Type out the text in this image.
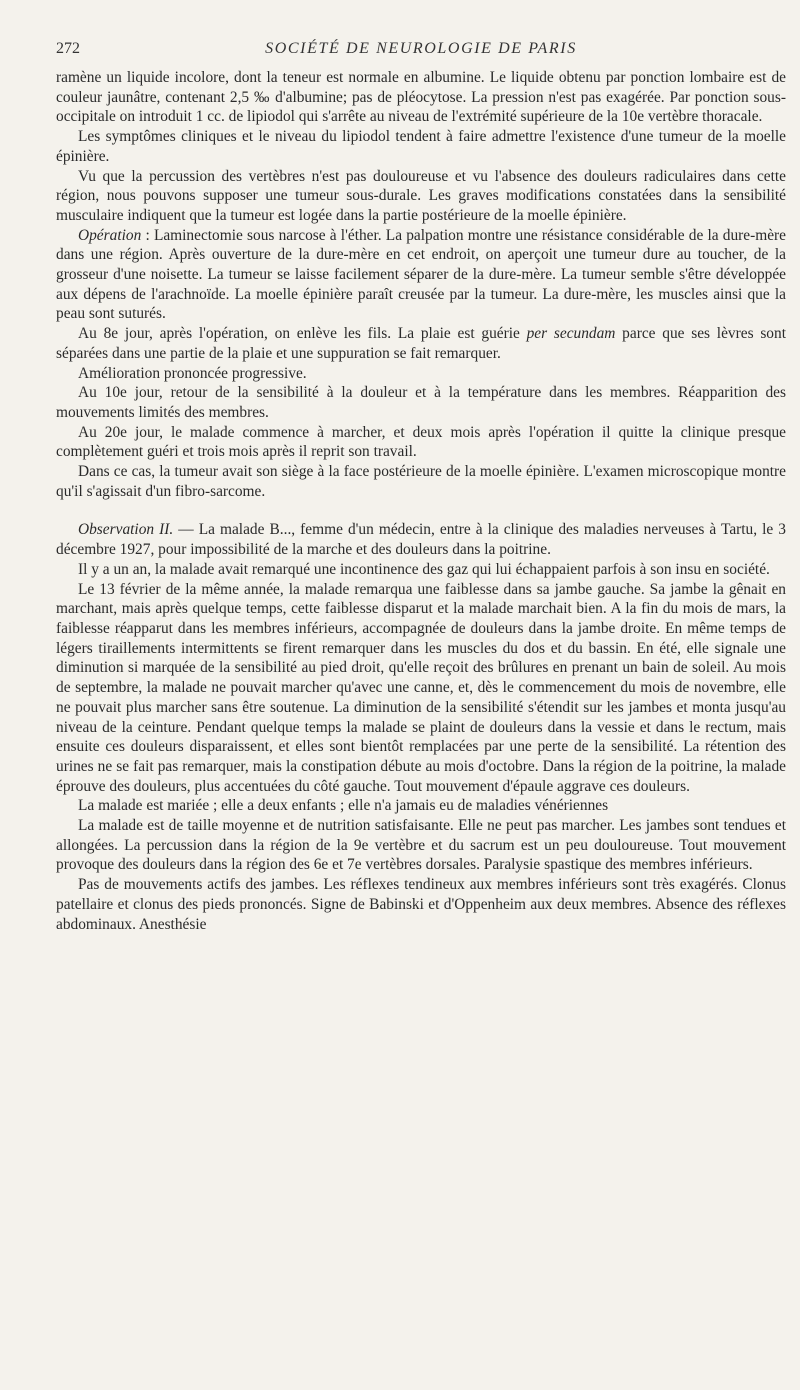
272	SOCIÉTÉ DE NEUROLOGIE DE PARIS

ramène un liquide incolore, dont la teneur est normale en albumine. Le liquide obtenu par ponction lombaire est de couleur jaunâtre, contenant 2,5 ‰ d'albumine; pas de pléocytose. La pression n'est pas exagérée. Par ponction sous-occipitale on introduit 1 cc. de lipiodol qui s'arrête au niveau de l'extrémité supérieure de la 10e vertèbre thoracale.

Les symptômes cliniques et le niveau du lipiodol tendent à faire admettre l'existence d'une tumeur de la moelle épinière.

Vu que la percussion des vertèbres n'est pas douloureuse et vu l'absence des douleurs radiculaires dans cette région, nous pouvons supposer une tumeur sous-durale. Les graves modifications constatées dans la sensibilité musculaire indiquent que la tumeur est logée dans la partie postérieure de la moelle épinière.

Opération : Laminectomie sous narcose à l'éther. La palpation montre une résistance considérable de la dure-mère dans une région. Après ouverture de la dure-mère en cet endroit, on aperçoit une tumeur dure au toucher, de la grosseur d'une noisette. La tumeur se laisse facilement séparer de la dure-mère. La tumeur semble s'être développée aux dépens de l'arachnoïde. La moelle épinière paraît creusée par la tumeur. La dure-mère, les muscles ainsi que la peau sont suturés.

Au 8e jour, après l'opération, on enlève les fils. La plaie est guérie per secundam parce que ses lèvres sont séparées dans une partie de la plaie et une suppuration se fait remarquer.

Amélioration prononcée progressive.

Au 10e jour, retour de la sensibilité à la douleur et à la température dans les membres. Réapparition des mouvements limités des membres.

Au 20e jour, le malade commence à marcher, et deux mois après l'opération il quitte la clinique presque complètement guéri et trois mois après il reprit son travail.

Dans ce cas, la tumeur avait son siège à la face postérieure de la moelle épinière. L'examen microscopique montre qu'il s'agissait d'un fibro-sarcome.

Observation II. — La malade B..., femme d'un médecin, entre à la clinique des maladies nerveuses à Tartu, le 3 décembre 1927, pour impossibilité de la marche et des douleurs dans la poitrine.

Il y a un an, la malade avait remarqué une incontinence des gaz qui lui échappaient parfois à son insu en société.

Le 13 février de la même année, la malade remarqua une faiblesse dans sa jambe gauche. Sa jambe la gênait en marchant, mais après quelque temps, cette faiblesse disparut et la malade marchait bien. A la fin du mois de mars, la faiblesse réapparut dans les membres inférieurs, accompagnée de douleurs dans la jambe droite. En même temps de légers tiraillements intermittents se firent remarquer dans les muscles du dos et du bassin. En été, elle signale une diminution si marquée de la sensibilité au pied droit, qu'elle reçoit des brûlures en prenant un bain de soleil. Au mois de septembre, la malade ne pouvait marcher qu'avec une canne, et, dès le commencement du mois de novembre, elle ne pouvait plus marcher sans être soutenue. La diminution de la sensibilité s'étendit sur les jambes et monta jusqu'au niveau de la ceinture. Pendant quelque temps la malade se plaint de douleurs dans la vessie et dans le rectum, mais ensuite ces douleurs disparaissent, et elles sont bientôt remplacées par une perte de la sensibilité. La rétention des urines ne se fait pas remarquer, mais la constipation débute au mois d'octobre. Dans la région de la poitrine, la malade éprouve des douleurs, plus accentuées du côté gauche. Tout mouvement d'épaule aggrave ces douleurs.

La malade est mariée ; elle a deux enfants ; elle n'a jamais eu de maladies vénériennes

La malade est de taille moyenne et de nutrition satisfaisante. Elle ne peut pas marcher. Les jambes sont tendues et allongées. La percussion dans la région de la 9e vertèbre et du sacrum est un peu douloureuse. Tout mouvement provoque des douleurs dans la région des 6e et 7e vertèbres dorsales. Paralysie spastique des membres inférieurs.

Pas de mouvements actifs des jambes. Les réflexes tendineux aux membres inférieurs sont très exagérés. Clonus patellaire et clonus des pieds prononcés. Signe de Babinski et d'Oppenheim aux deux membres. Absence des réflexes abdominaux. Anesthésie
